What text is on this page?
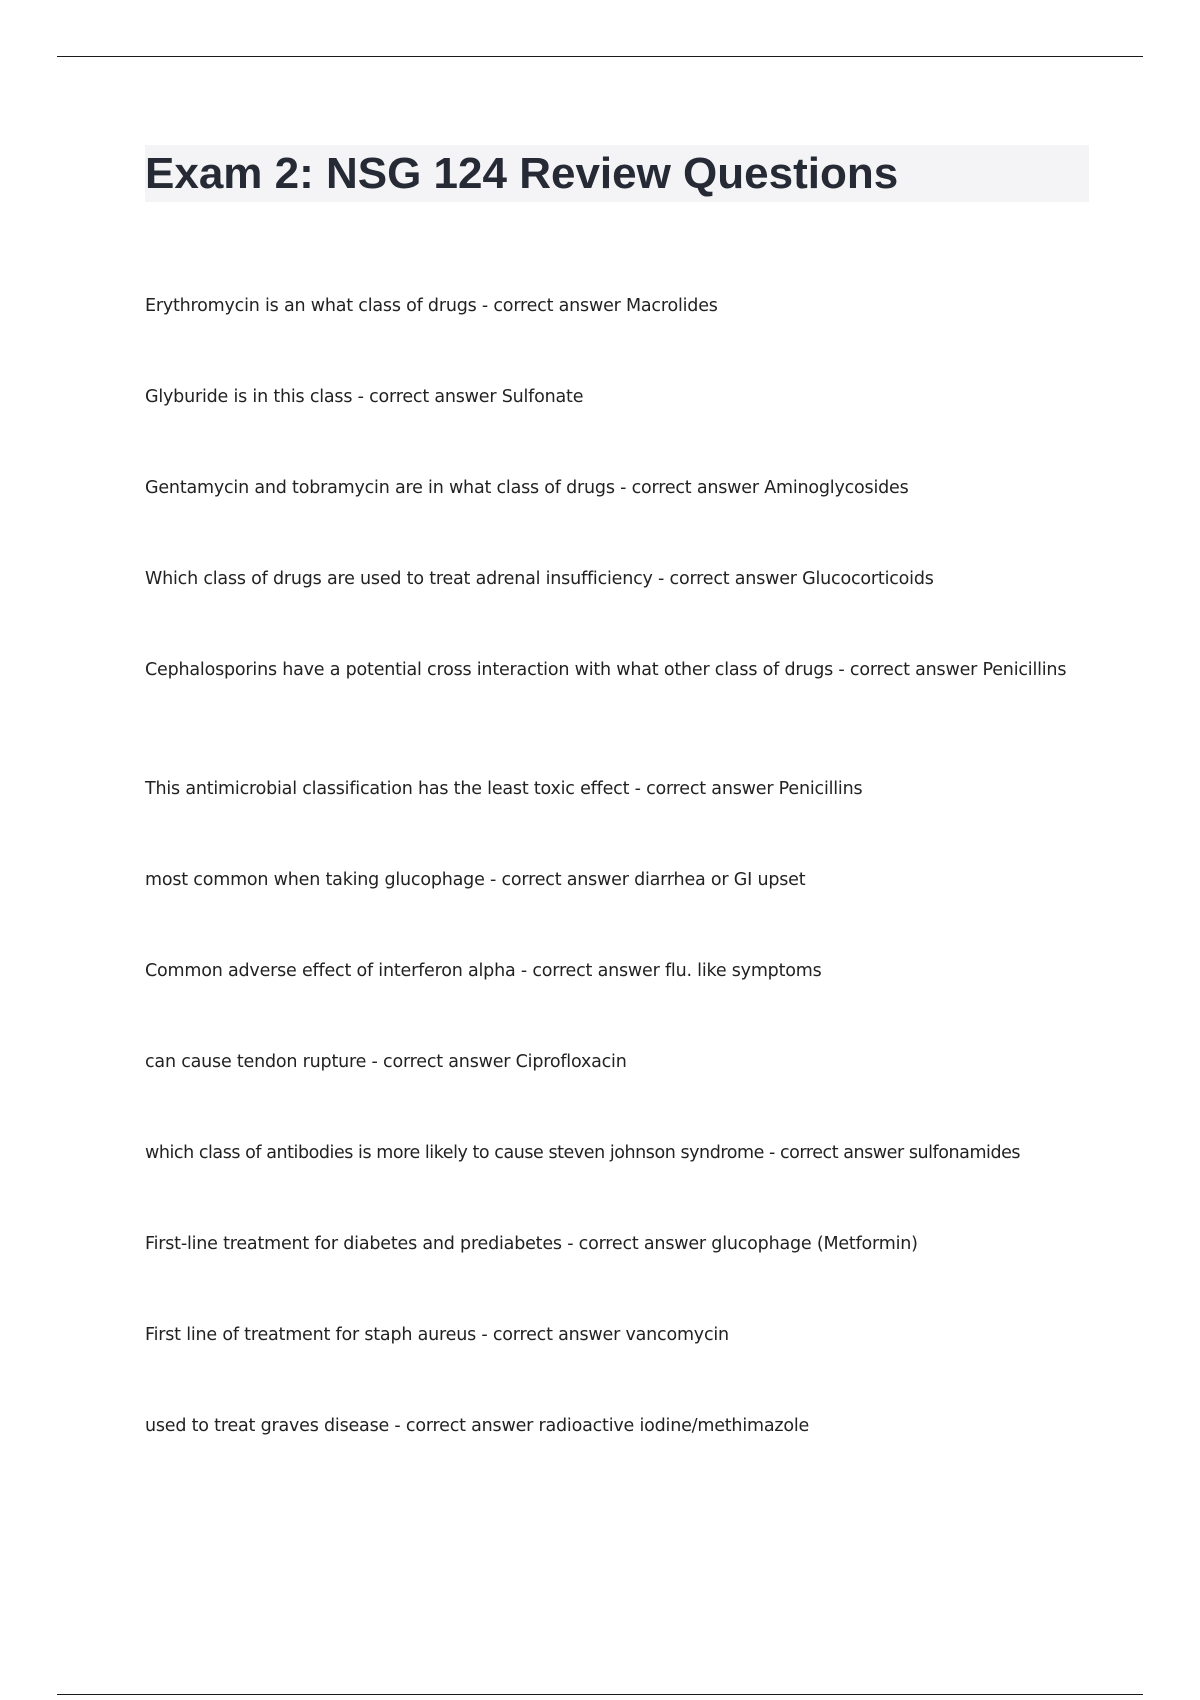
Exam 2: NSG 124 Review Questions
Erythromycin is an what class of drugs - correct answer Macrolides
Glyburide is in this class - correct answer Sulfonate
Gentamycin and tobramycin are in what class of drugs - correct answer Aminoglycosides
Which class of drugs are used to treat adrenal insufficiency - correct answer Glucocorticoids
Cephalosporins have a potential cross interaction with what other class of drugs - correct answer Penicillins
This antimicrobial classification has the least toxic effect - correct answer Penicillins
most common when taking glucophage - correct answer diarrhea or GI upset
Common adverse effect of interferon alpha - correct answer flu. like symptoms
can cause tendon rupture - correct answer Ciprofloxacin
which class of antibodies is more likely to cause steven johnson syndrome - correct answer sulfonamides
First-line treatment for diabetes and prediabetes - correct answer glucophage (Metformin)
First line of treatment for staph aureus - correct answer vancomycin
used to treat graves disease - correct answer radioactive iodine/methimazole
